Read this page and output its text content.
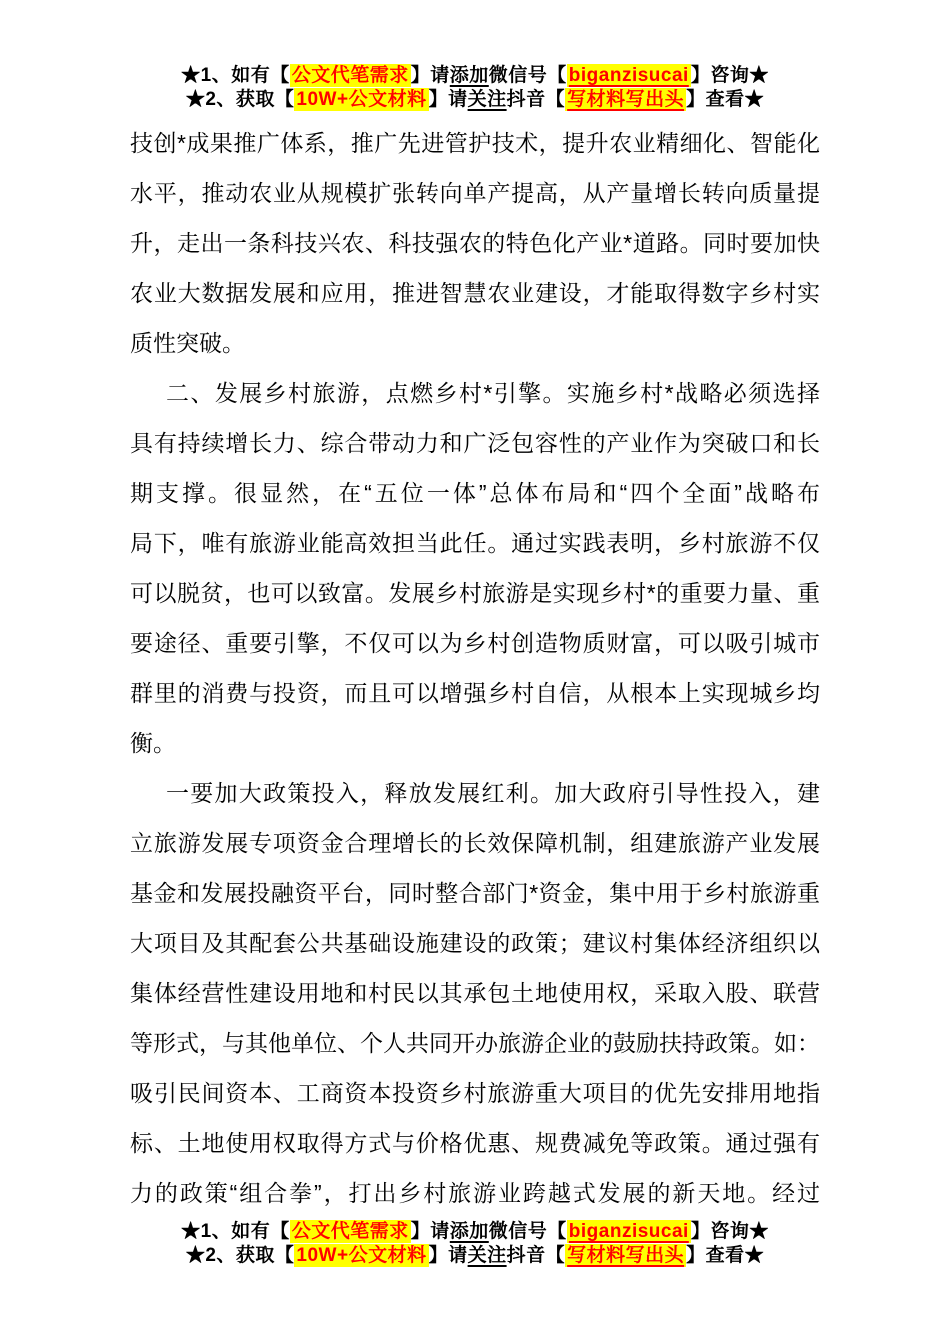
★1、如有【 公文代笔需求 】请添加微信号【 biganzisucai 】咨询★
★2、获取【 10W+公文材料 】请关注抖音【 写材料写出头 】查看★
技创*成果推广体系，推广先进管护技术，提升农业精细化、智能化
水平，推动农业从规模扩张转向单产提高，从产量增长转向质量提
升，走出一条科技兴农、科技强农的特色化产业*道路。同时要加快
农业大数据发展和应用，推进智慧农业建设，才能取得数字乡村实
质性突破。
二、发展乡村旅游，点燃乡村*引擎。实施乡村*战略必须选择
具有持续增长力、综合带动力和广泛包容性的产业作为突破口和长
期支撑。很显然，在“五位一体”总体布局和“四个全面”战略布
局下，唯有旅游业能高效担当此任。通过实践表明，乡村旅游不仅
可以脱贫，也可以致富。发展乡村旅游是实现乡村*的重要力量、重
要途径、重要引擎，不仅可以为乡村创造物质财富，可以吸引城市
群里的消费与投资，而且可以增强乡村自信，从根本上实现城乡均
衡。
一要加大政策投入，释放发展红利。加大政府引导性投入，建
立旅游发展专项资金合理增长的长效保障机制，组建旅游产业发展
基金和发展投融资平台，同时整合部门*资金，集中用于乡村旅游重
大项目及其配套公共基础设施建设的政策；建议村集体经济组织以
集体经营性建设用地和村民以其承包土地使用权，采取入股、联营
等形式，与其他单位、个人共同开办旅游企业的鼓励扶持政策。如：
吸引民间资本、工商资本投资乡村旅游重大项目的优先安排用地指
标、土地使用权取得方式与价格优惠、规费减免等政策。通过强有
力的政策“组合拳”，打出乡村旅游业跨越式发展的新天地。经过
★1、如有【 公文代笔需求 】请添加微信号【 biganzisucai 】咨询★
★2、获取【 10W+公文材料 】请关注抖音【 写材料写出头 】查看★
